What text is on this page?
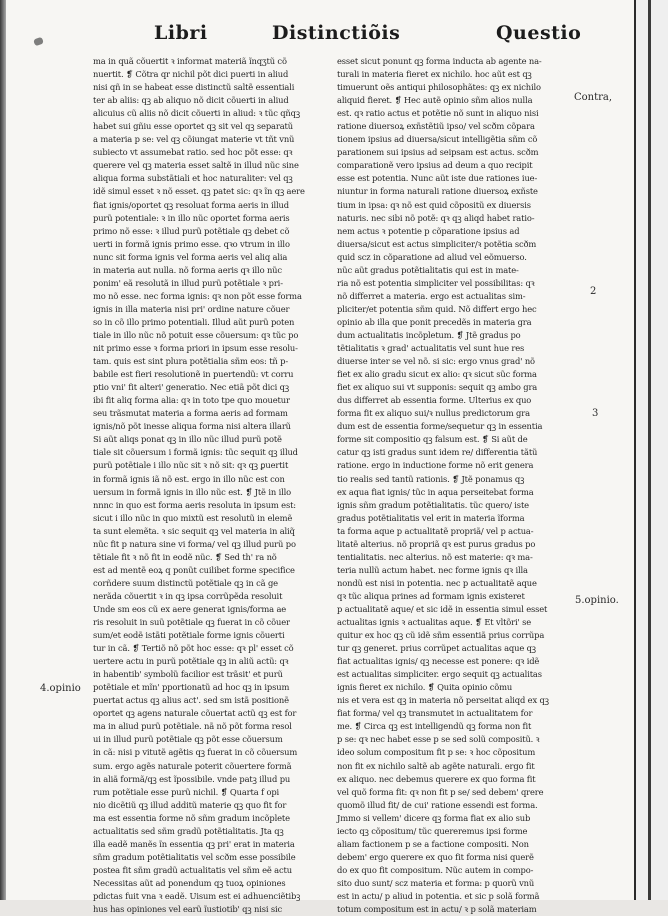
Libri	Distinctiõis	Questio
ma in quã cõuertit ꝛ informat materiã ĩnqʒtũ cõ
nuertit. ❡ Cõtra qr nichil põt dici puerti in aliud
nisi qñ in se habeat esse distinctũ saltẽ essentiali
ter ab aliis: qꝫ ab aliquo nõ dicit cõuerti in aliud
alicuius cũ aliis nõ dicit cõuerti in aliud: ꝛ tũc qñqꝫ
habet sui gñiu esse oportet qꝫ sit vel qꝫ separatũ
a materia p se: vel qꝫ cõiungat materie vt tñt vnũ
subiecto vt assumebat ratio. sed hoc põt esse: qꝛ
querere vel qꝫ materia esset saltẽ in illud nũc sine
aliqua forma substãtiali et hoc naturaliter: vel qꝫ
idẽ simul esset ꝛ nõ esset. qꝫ patet sic: qꝛ ĩn qꝫ aere
fiat ignis/oportet qꝫ resoluat forma aeris in illud
purũ potentiale: ꝛ in illo nũc oportet forma aeris
primo nõ esse: ꝛ illud purũ potẽtiale qꝫ debet cõ
uerti in formã ignis primo esse. qꝛo vtrum in illo
nunc sit forma ignis vel forma aeris vel aliq alia
in materia aut nulla. nõ forma aeris qꝛ illo nũc
ponim' eã resolutã in illud purũ potẽtiale ꝛ pri-
mo nõ esse. nec forma ignis: qꝛ non põt esse forma
ignis in illa materia nisi pri' ordine nature cõuer
so in cõ illo primo potentiali. Illud aũt purũ poten
tiale in illo nũc nõ potuit esse cõuersum: qꝛ tũc po
nit primo esse ꝛ forma priori in ipsum esse resolu-
tam. quis est sint plura potẽtialia sñm eos: tñ p-
babile est fieri resolutionẽ in puertendũ: vt corru
ptio vni' fit alteri' generatio. Nec etiã põt dici qꝫ
ibi fit aliq forma alia: qꝛ in toto tpe quo mouetur
seu trãsmutat materia a forma aeris ad formam
ignis/nõ põt inesse aliqua forma nisi altera illarũ
Si aũt aliqs ponat qꝫ in illo nũc illud purũ potẽ
tiale sit cõuersum i formã ignis: tũc sequit qꝫ illud
purũ potẽtiale i illo nũc sit ꝛ nõ sit: qꝛ qꝫ ꝑuertit
in formã ignis iã nõ est. ergo in illo nũc est con
uersum in formã ignis in illo nũc est. ❡ Jtẽ in illo
nnnc in quo est forma aeris resoluta in ipsum est:
sicut i illo nũc in quo mixtũ est resolutũ in elemẽ
ta sunt elemẽta. ꝛ sic sequit qꝫ vel materia in aliq̃
nũc fit p natura sine vi forma/ vel qꝫ illud purũ po
tẽtiale fit ꝛ nõ fit in eodẽ nũc. ❡ Sed th' ra nõ
est ad mentẽ eoꝝ q ponũt cuilibet forme specifice
corñdere suum distinctũ potẽtiale qꝫ in cã ge
nerãda cõuertit ꝛ in qꝫ ipsa corrũpẽda resoluit
Unde sm eos cũ ex aere generat ignis/forma ae
ris resoluit in suũ potẽtiale qꝫ fuerat in cõ cõuer
sum/et eodẽ istãti potẽtiale forme ignis cõuerti
tur in cã. ❡ Tertiõ nõ põt hoc esse: qꝛ pl' esset cõ
uertere actu in purũ potẽtiale qꝫ in aliũ actũ: qꝛ
in habentib' symbolũ facilior est trãsit' et purũ
potẽtiale et mĩn' pportionatũ ad hoc qꝫ in ipsum
puertat actus qꝫ alius act'. sed sm istã positionẽ
oportet qꝫ agens naturale cõuertat actũ qꝫ est for
ma in aliud purũ potẽtiale. nã nõ põt forma resol
ui in illud purũ potẽtiale qꝫ põt esse cõuersum
in cã: nisi p vitutẽ agẽtis qꝫ fuerat in cõ cõuersum
sum. ergo agẽs naturale poterit cõuertere formã
in aliã formã/qꝫ est ĩpossibile. vnde patꝫ illud pu
rum potẽtiale esse purũ nichil. ❡ Quarta f opi
nio dicẽtiũ qꝫ illud additũ materie qꝫ quo fit for
ma est essentia forme nõ sñm gradum incõplete
actualitatis sed sñm gradũ potẽtialitatis. Jta qꝫ
illa eadẽ manẽs ĩn essentia qꝫ pri' erat in materia
sñm gradum potẽtialitatis vel scðm esse possibile
postea fit sñm gradũ actualitatis vel sñm eẽ actu
Necessitas aũt ad ponendum qꝫ tuoꝝ opiniones
pdictas fuit vna ꝛ eadẽ. Uisum est ei adhuenciẽtibꝫ
hus has opiniones vel earũ ĩustiotib' qꝫ nisi sic
esset sicut ponunt qꝫ forma inducta ab agente na-
turali in materia fieret ex nichilo. hoc aũt est qꝫ
timuerunt oẽs antiqui philosophãtes: qꝫ ex nichilo
aliquid fieret. ❡ Hec autẽ opinio sñm alios nulla
est. qꝛ ratio actus et potẽtie nõ sunt in aliquo nisi
ratione diuersoꝝ exñstẽtiũ ipso/ vel scðm cõpara
tionem ipsius ad diuersa/sicut intelligẽtia sñm cõ
parationem sui ipsius ad seipsam est actus. scðm
comparationẽ vero ipsius ad deum a quo recipit
esse est potentia. Nunc aũt iste due rationes iue-
niuntur in forma naturali ratione diuersoꝝ exñste
tium in ipsa: qꝛ nõ est quid cõpositũ ex diuersis
naturis. nec sibi nõ potẽ: qꝛ qꝫ aliqd habet ratio-
nem actus ꝛ potentie p cõparatione ipsius ad
diuersa/sicut est actus simpliciter/ꝛ potẽtia scðm
quid scz in cõparatione ad aliud vel eõmuerso.
nũc aũt gradus potẽtialitatis qui est in mate-
ria nõ est potentia simpliciter vel possibilitas: qꝛ
nõ differret a materia. ergo est actualitas sim-
pliciter/et potentia sñm quid. Nõ differt ergo hec
opinio ab illa que ponit precedẽs in materia gra
dum actualitatis incõpletum. ❡ Jtẽ gradus po
tẽtialitatis ꝛ grad' actualitatis vel sunt hue res
diuerse inter se vel nõ. si sic: ergo vnus grad' nõ
fiet ex alio gradu sicut ex alio: qꝛ sicut sũc forma
fiet ex aliquo sui vt supponis: sequit qꝫ ambo gra
dus differret ab essentia forme. Ulterius ex quo
forma fit ex aliquo sui/ꝛ nullus predictorum gra
dum est de essentia forme/sequetur qꝫ in essentia
forme sit compositio qꝫ falsum est. ❡ Si aũt de
catur qꝫ isti gradus sunt idem re/ differentia tãtũ
ratione. ergo in inductione forme nõ erit genera
tio realis sed tantũ rationis. ❡ Jtẽ ponamus qꝫ
ex aqua fiat ignis/ tũc in aqua perseitebat forma
ignis sñm gradum potẽtialitatis. tũc quero/ iste
gradus potẽtialitatis vel erit in materia ĩforma
ta forma aque p actualitatẽ propriã/ vel p actua-
litatẽ alterius. nõ propriã qꝛ est purus gradus po
tentialitatis. nec alterius. nõ est materie: qꝛ ma-
teria nullũ actum habet. nec forme ignis qꝛ illa
nondũ est nisi in potentia. nec p actualitatẽ aque
qꝛ tũc aliqua prines ad formam ignis existeret
p actualitatẽ aque/ et sic idẽ in essentia simul esset
actualitas ignis ꝛ actualitas aque. ❡ Et vltõri' se
quitur ex hoc qꝫ cũ idẽ sñm essentiã prius corrũpa
tur qꝫ generet. prius corrũpet actualitas aque qꝫ
fiat actualitas ignis/ qꝫ necesse est ponere: qꝛ idẽ
est actualitas simpliciter. ergo sequit qꝫ actualitas
ignis fieret ex nichilo. ❡ Quita opinio cõmu
nis et vera est qꝫ in materia nõ perseitat aliqd ex qꝫ
fiat forma/ vel qꝫ transmutet in actualitatem for
me. ❡ Circa qꝫ est intelligendũ qꝫ forma non fit
p se: qꝛ nec habet esse p se sed solũ compositũ. ꝛ
ideo solum compositum fit p se: ꝛ hoc cõpositum
non fit ex nichilo saltẽ ab agẽte naturali. ergo fit
ex aliquo. nec debemus querere ex quo forma fit
vel quõ forma fit: qꝛ non fit p se/ sed debem' qrere
quomõ illud fit/ de cui' ratione essendi est forma.
Jmmo si vellem' dicere qꝫ forma fiat ex alio sub
iecto qꝫ cõpositum/ tũc quereremus ipsi forme
aliam factionem p se a factione compositi. Non
debem' ergo querere ex quo fit forma nisi querẽ
do ex quo fit compositum. Nũc autem in compo-
sito duo sunt/ scz materia et forma: p quorũ vnũ
est in actu/ p aliud in potentia. et sic p solã formã
totum compositum est in actu/ ꝛ p solã materiam
Contra,
2
3
5.opinio.
4.opinio
